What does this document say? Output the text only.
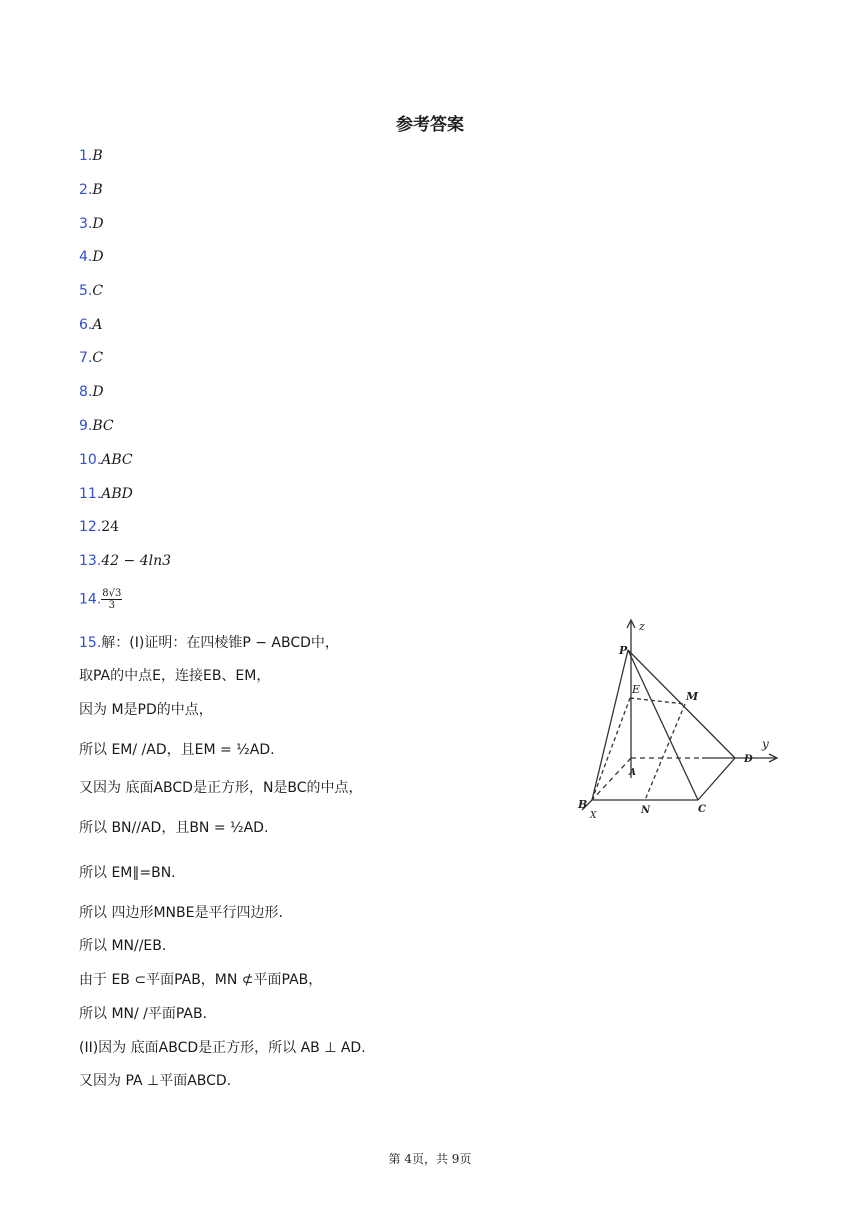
参考答案
1.B
2.B
3.D
4.D
5.C
6.A
7.C
8.D
9.BC
10.ABC
11.ABD
12.24
13.42 − 4ln3
14. $\frac{8√3}{3}$
15.解：(I)证明：在四棱锥P − ABCD中，
取PA的中点E，连接EB、EM，
因为 M是PD的中点，
所以 EM/ /AD，且EM = ½AD.
又因为 底面ABCD是正方形，N是BC的中点，
所以 BN//AD，且BN = ½AD.
所以 EM∥=BN.
所以 四边形MNBE是平行四边形.
所以 MN//EB.
由于 EB ⊂平面PAB，MN ⊄平面PAB，
所以 MN/ /平面PAB.
(II)因为 底面ABCD是正方形，所以 AB ⊥ AD.
又因为 PA ⊥平面ABCD.
z
y
X
P
E
M
A
D
B	N	C
第 4页，共 9页
